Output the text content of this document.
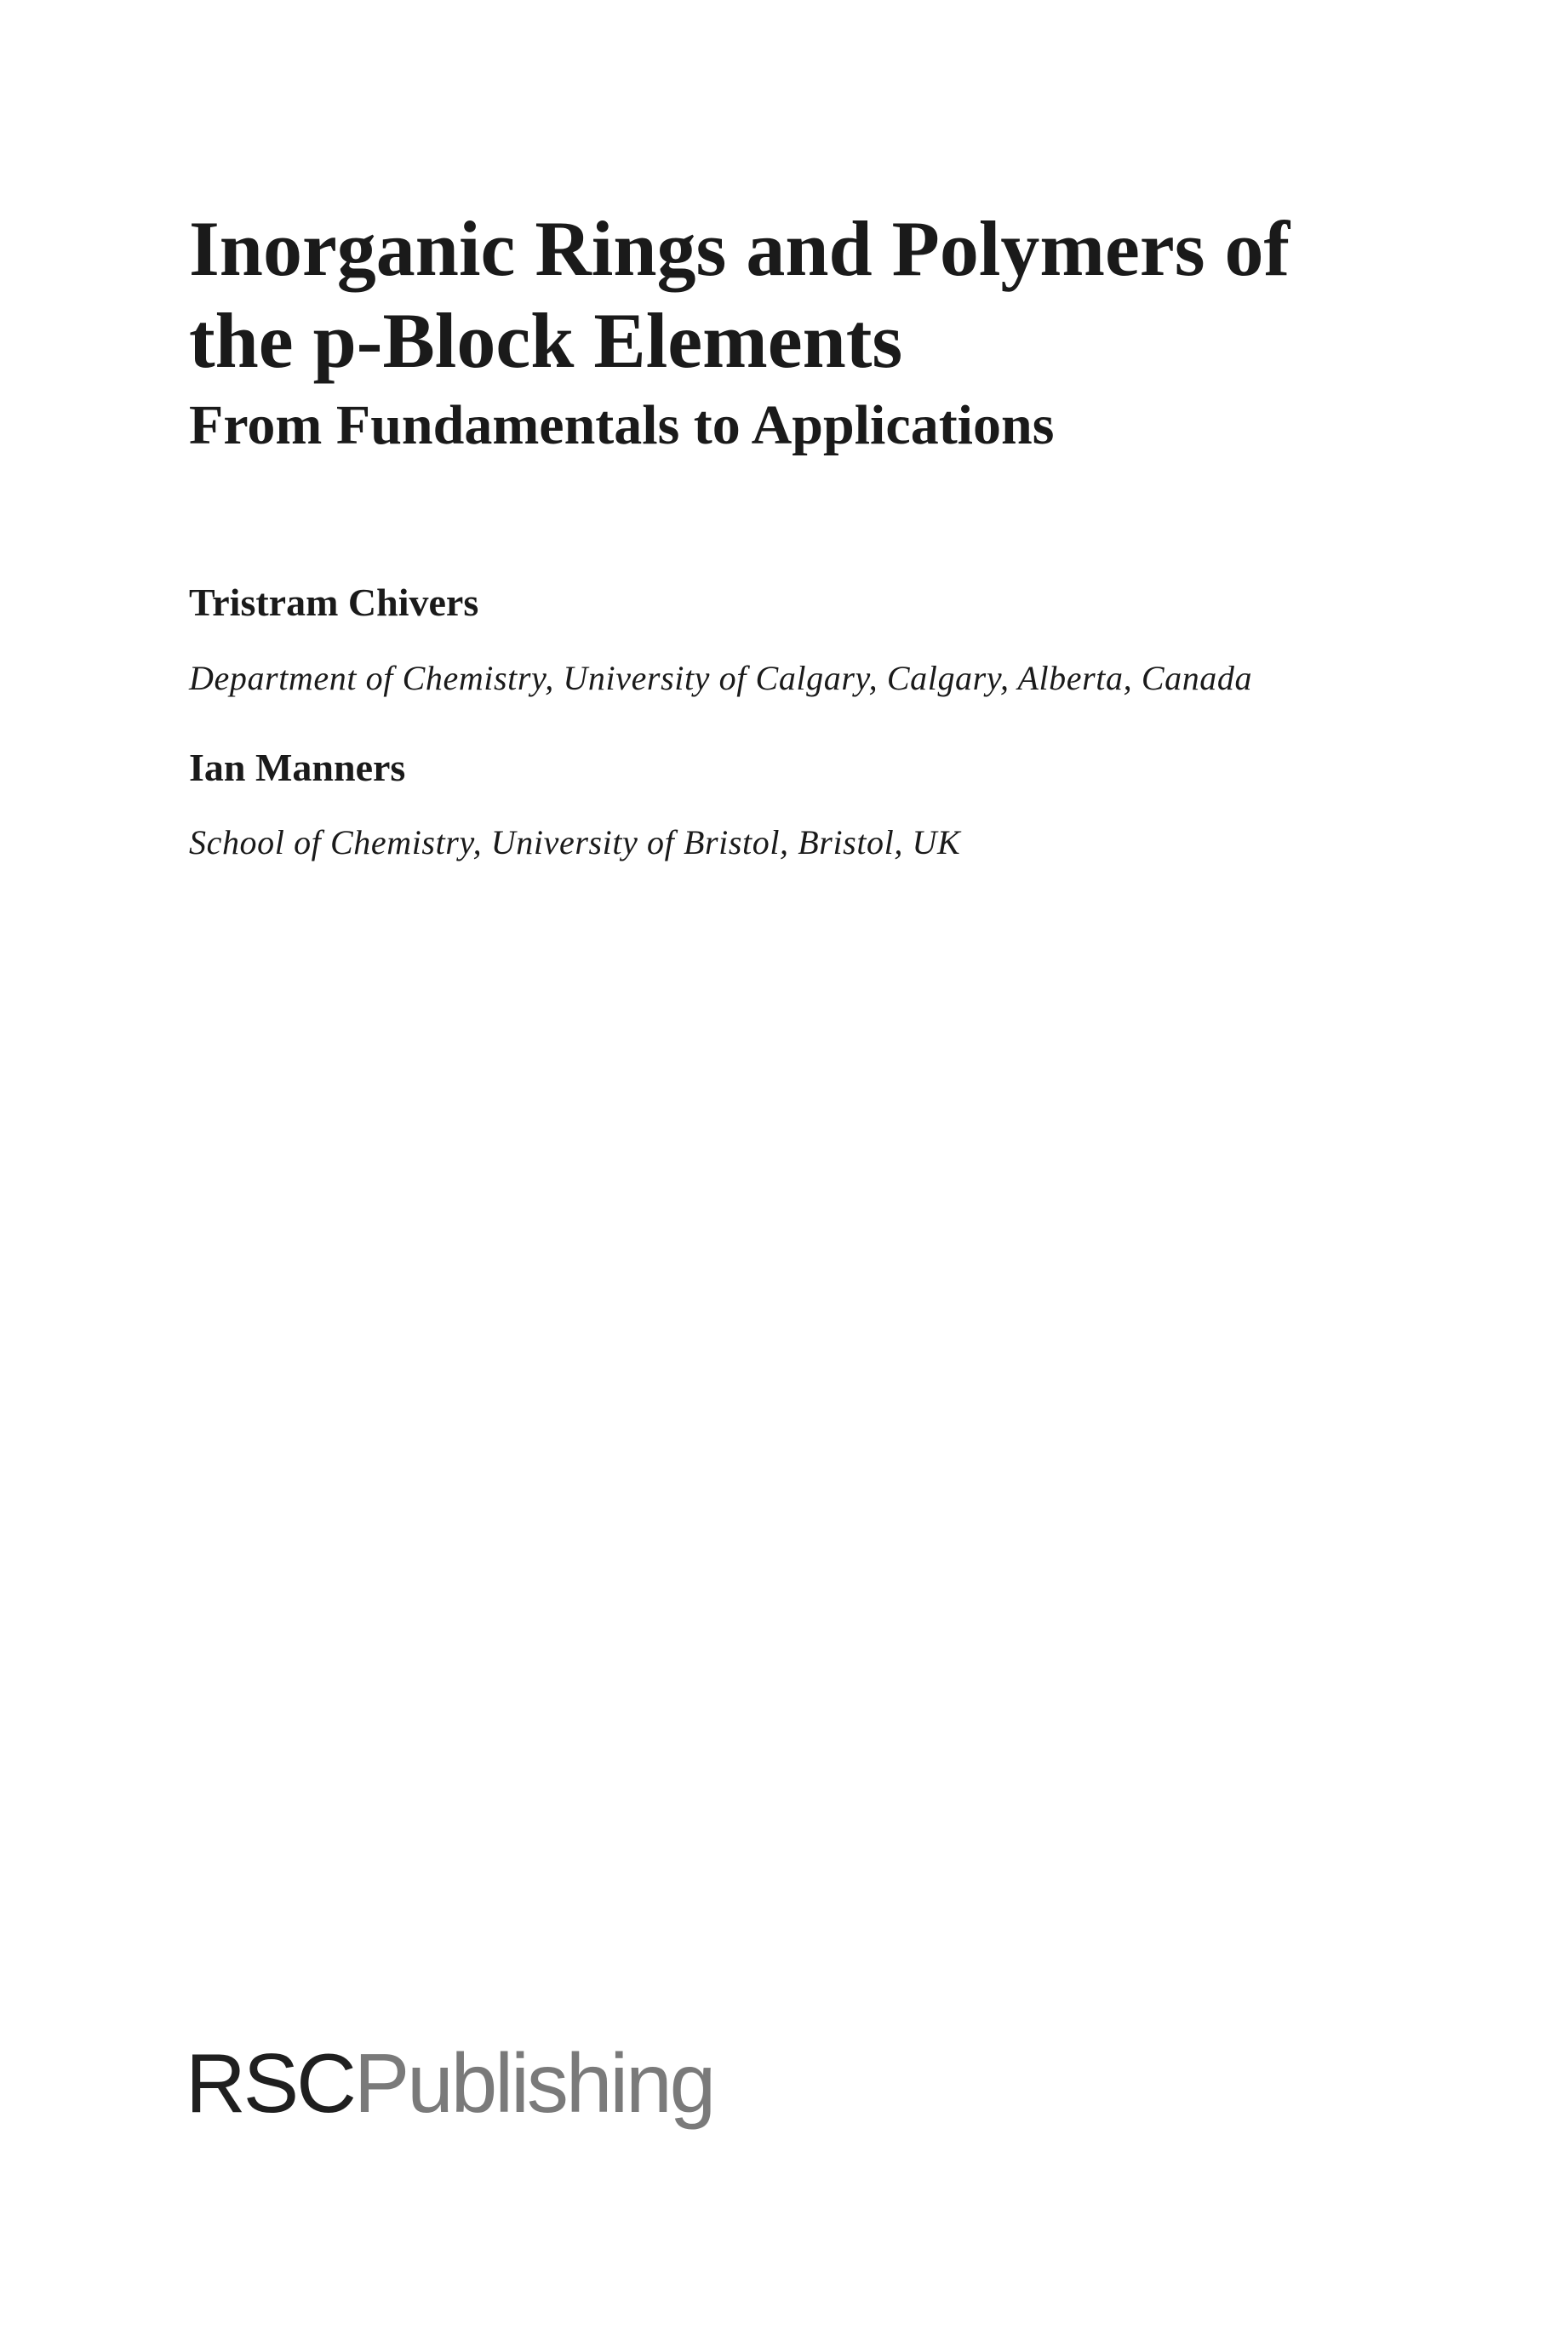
Inorganic Rings and Polymers of
the p-Block Elements
From Fundamentals to Applications

Tristram Chivers

Department of Chemistry, University of Calgary, Calgary, Alberta, Canada

Ian Manners

School of Chemistry, University of Bristol, Bristol, UK

RSCPublishing
